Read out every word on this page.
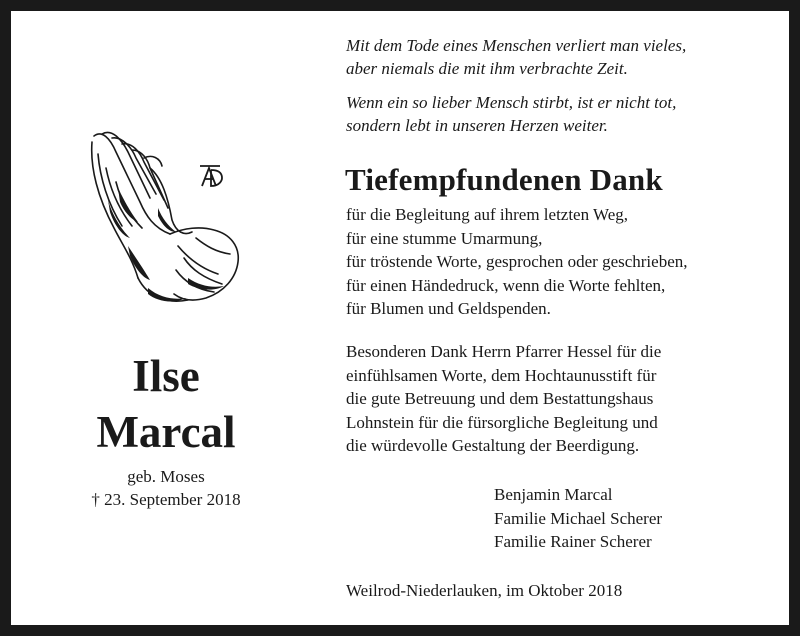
Ilse
Marcal
geb. Moses
† 23. September 2018
Mit dem Tode eines Menschen verliert man vieles,
aber niemals die mit ihm verbrachte Zeit.
Wenn ein so lieber Mensch stirbt, ist er nicht tot,
sondern lebt in unseren Herzen weiter.
Tiefempfundenen Dank
für die Begleitung auf ihrem letzten Weg,
für eine stumme Umarmung,
für tröstende Worte, gesprochen oder geschrieben,
für einen Händedruck, wenn die Worte fehlten,
für Blumen und Geldspenden.
Besonderen Dank Herrn Pfarrer Hessel für die
einfühlsamen Worte, dem Hochtaunusstift für
die gute Betreuung und dem Bestattungshaus
Lohnstein für die fürsorgliche Begleitung und
die würdevolle Gestaltung der Beerdigung.
Benjamin Marcal
Familie Michael Scherer
Familie Rainer Scherer
Weilrod-Niederlauken, im Oktober 2018
